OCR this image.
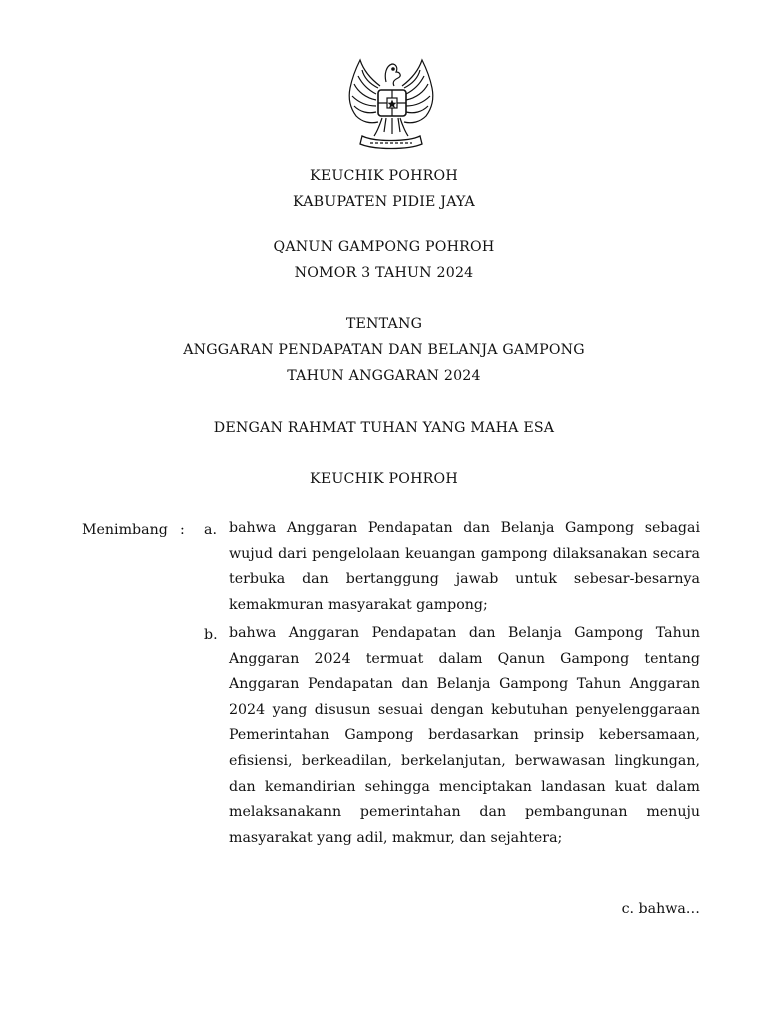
KEUCHIK POHROH
KABUPATEN PIDIE JAYA
QANUN GAMPONG POHROH
NOMOR 3 TAHUN 2024
TENTANG
ANGGARAN PENDAPATAN DAN BELANJA GAMPONG
TAHUN ANGGARAN 2024
DENGAN RAHMAT TUHAN YANG MAHA ESA
KEUCHIK POHROH
Menimbang : a. bahwa Anggaran Pendapatan dan Belanja Gampong sebagai wujud dari pengelolaan keuangan gampong dilaksanakan secara terbuka dan bertanggung jawab untuk sebesar-besarnya kemakmuran masyarakat gampong;
b. bahwa Anggaran Pendapatan dan Belanja Gampong Tahun Anggaran 2024 termuat dalam Qanun Gampong tentang Anggaran Pendapatan dan Belanja Gampong Tahun Anggaran 2024 yang disusun sesuai dengan kebutuhan penyelenggaraan Pemerintahan Gampong berdasarkan prinsip kebersamaan, efisiensi, berkeadilan, berkelanjutan, berwawasan lingkungan, dan kemandirian sehingga menciptakan landasan kuat dalam melaksanakann pemerintahan dan pembangunan menuju masyarakat yang adil, makmur, dan sejahtera;
c. bahwa…
